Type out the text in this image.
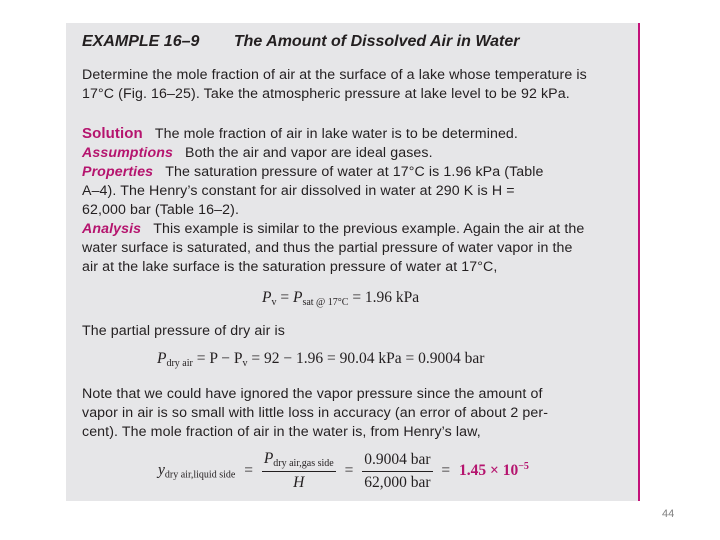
EXAMPLE 16–9 The Amount of Dissolved Air in Water
Determine the mole fraction of air at the surface of a lake whose temperature is
17°C (Fig. 16–25). Take the atmospheric pressure at lake level to be 92 kPa.
Solution The mole fraction of air in lake water is to be determined.
Assumptions Both the air and vapor are ideal gases.
Properties The saturation pressure of water at 17°C is 1.96 kPa (Table
A–4). The Henry’s constant for air dissolved in water at 290 K is H =
62,000 bar (Table 16–2).
Analysis This example is similar to the previous example. Again the air at the
water surface is saturated, and thus the partial pressure of water vapor in the
air at the lake surface is the saturation pressure of water at 17°C,
$P_v = P_{sat @ 17^\circ C} = 1.96$ kPa
The partial pressure of dry air is
$P_{dry air} = P - P_v = 92 - 1.96 = 90.04$ kPa = 0.9004 bar
Note that we could have ignored the vapor pressure since the amount of
vapor in air is so small with little loss in accuracy (an error of about 2 per-
cent). The mole fraction of air in the water is, from Henry’s law,
$y_{dry air,liquid side} = \frac{P_{dry air,gas side}}{H} = \frac{\text{0.9004 bar}}{\text{62,000 bar}} = 1.45 \times 10^{-5}$
44
